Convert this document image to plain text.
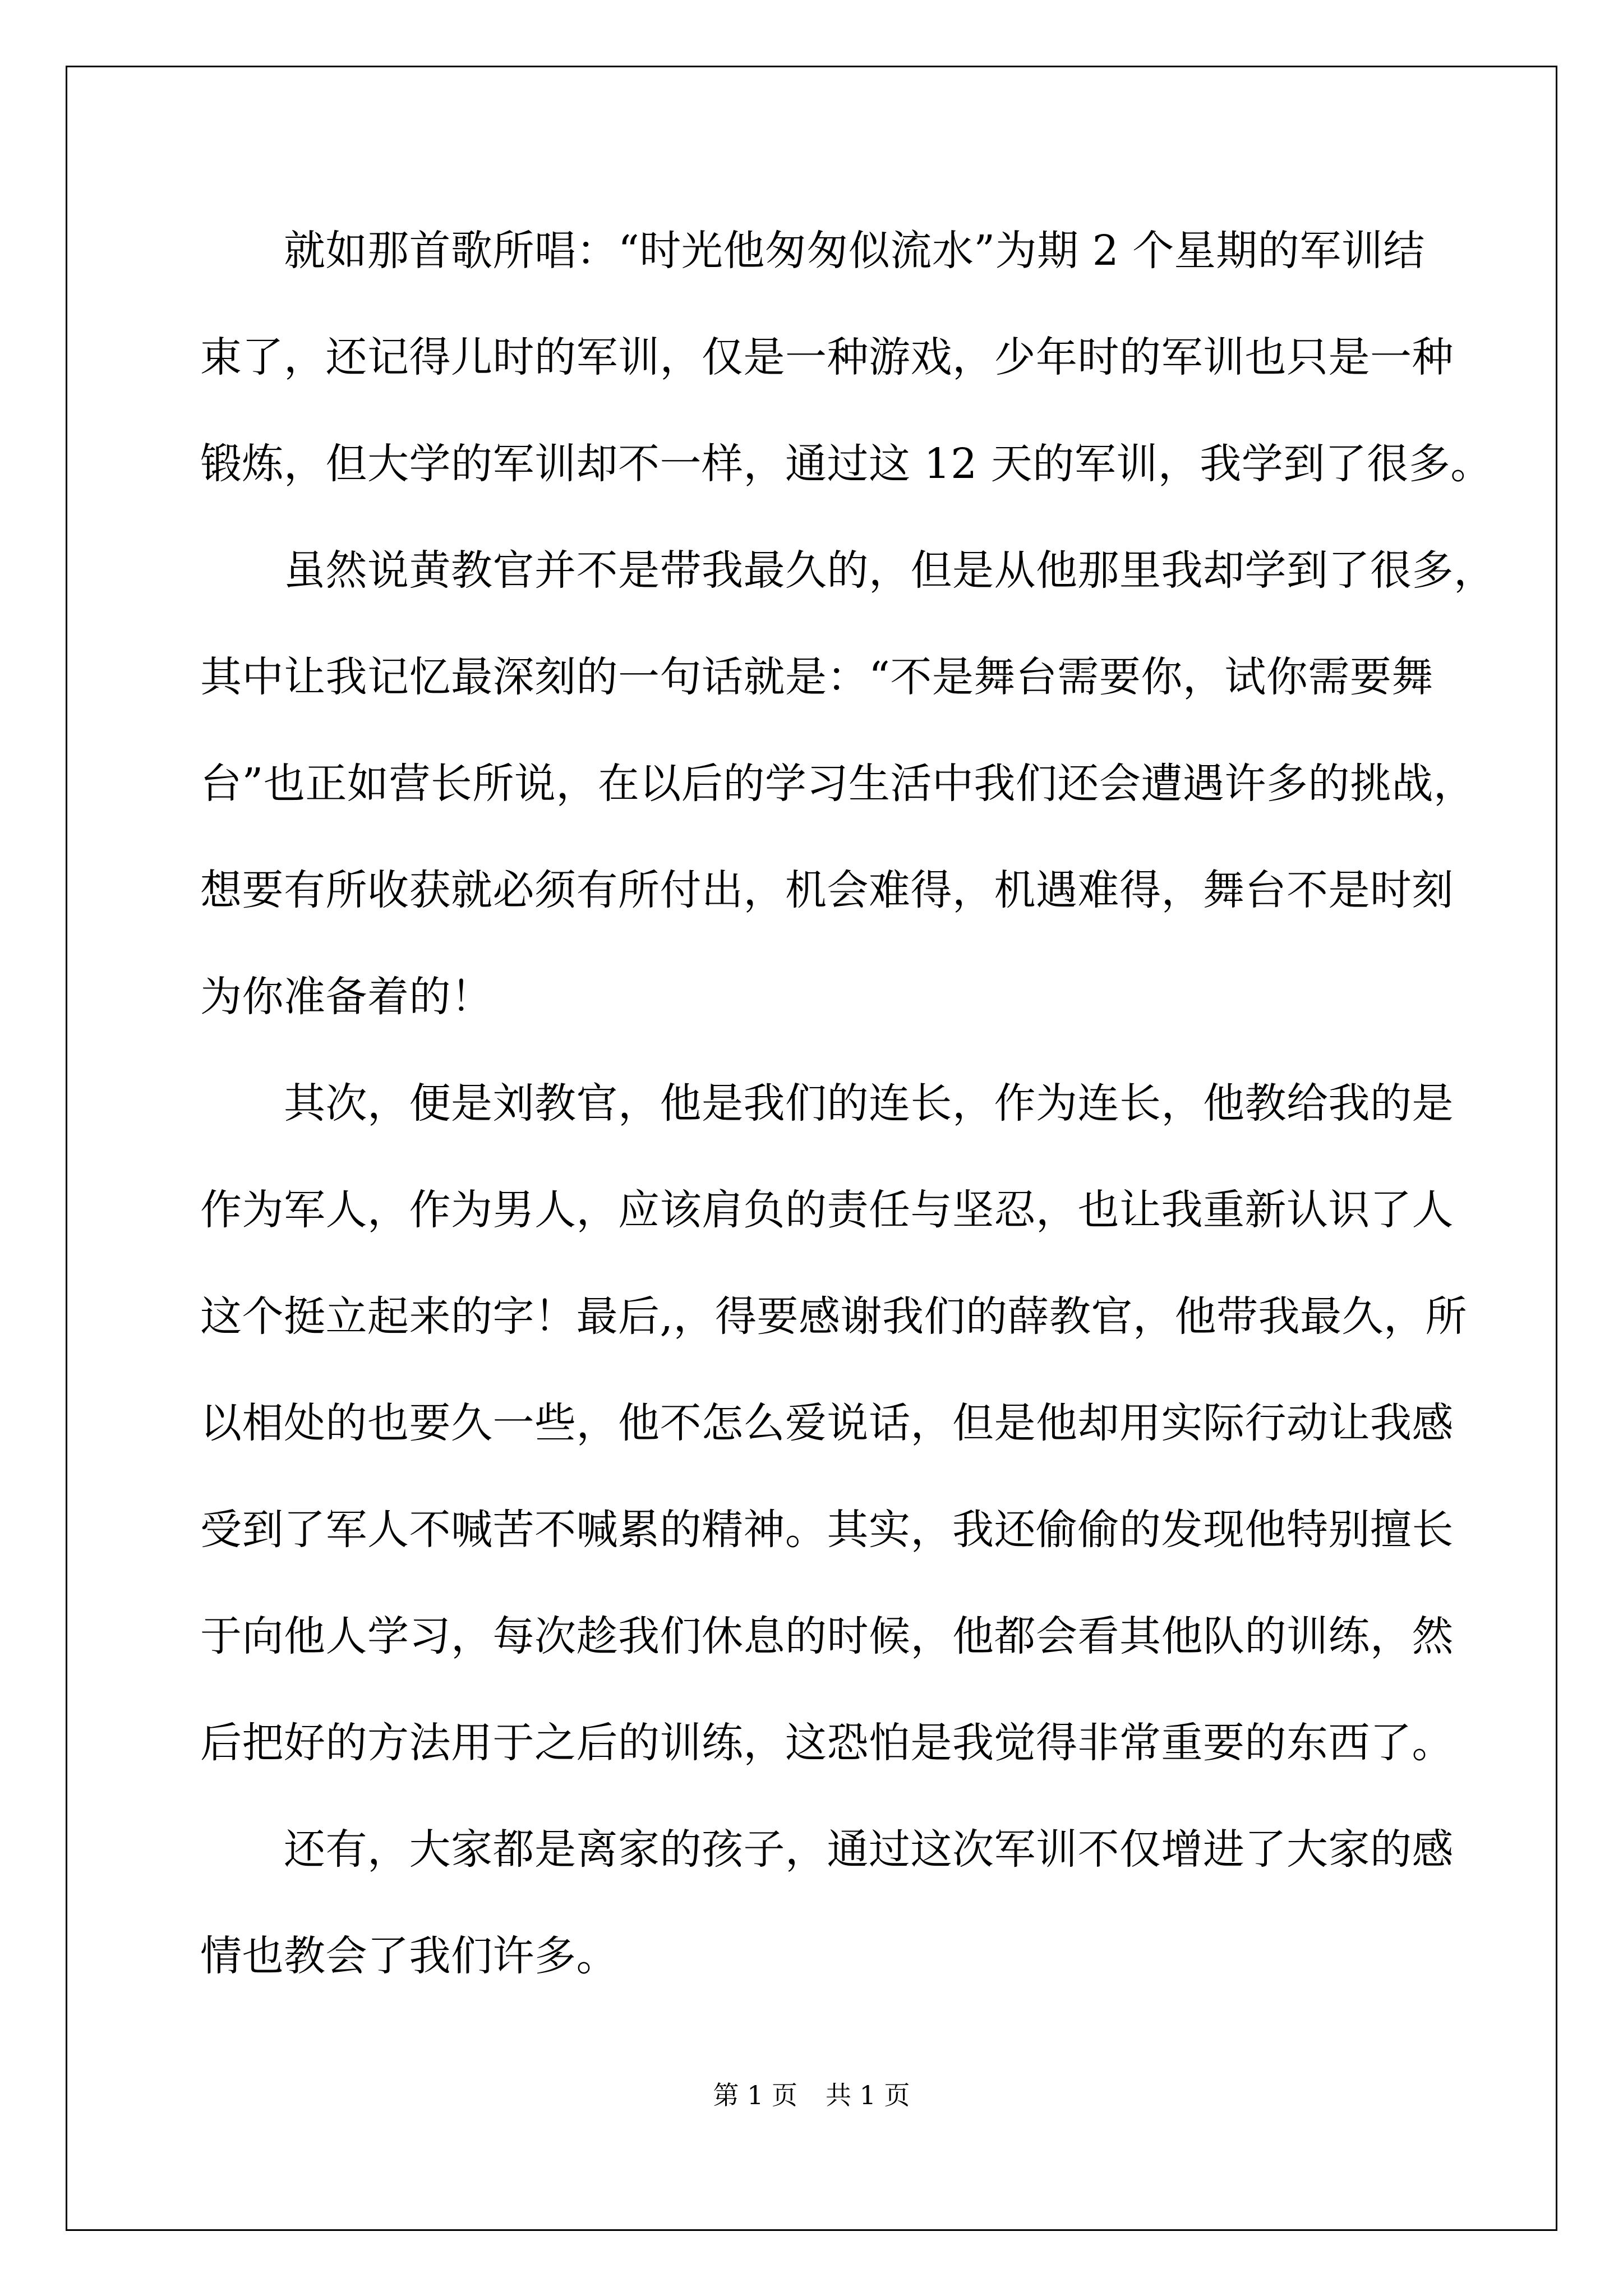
　　就如那首歌所唱：“时光他匆匆似流水”为期 2 个星期的军训结
束了，还记得儿时的军训，仅是一种游戏，少年时的军训也只是一种
锻炼，但大学的军训却不一样，通过这 12 天的军训，我学到了很多。
　　虽然说黄教官并不是带我最久的，但是从他那里我却学到了很多，
其中让我记忆最深刻的一句话就是：“不是舞台需要你，试你需要舞
台”也正如营长所说，在以后的学习生活中我们还会遭遇许多的挑战，
想要有所收获就必须有所付出，机会难得，机遇难得，舞台不是时刻
为你准备着的！
　　其次，便是刘教官，他是我们的连长，作为连长，他教给我的是
作为军人，作为男人，应该肩负的责任与坚忍，也让我重新认识了人
这个挺立起来的字！最后,，得要感谢我们的薛教官，他带我最久，所
以相处的也要久一些，他不怎么爱说话，但是他却用实际行动让我感
受到了军人不喊苦不喊累的精神。其实，我还偷偷的发现他特别擅长
于向他人学习，每次趁我们休息的时候，他都会看其他队的训练，然
后把好的方法用于之后的训练，这恐怕是我觉得非常重要的东西了。
　　还有，大家都是离家的孩子，通过这次军训不仅增进了大家的感
情也教会了我们许多。
第 1 页 共 1 页
